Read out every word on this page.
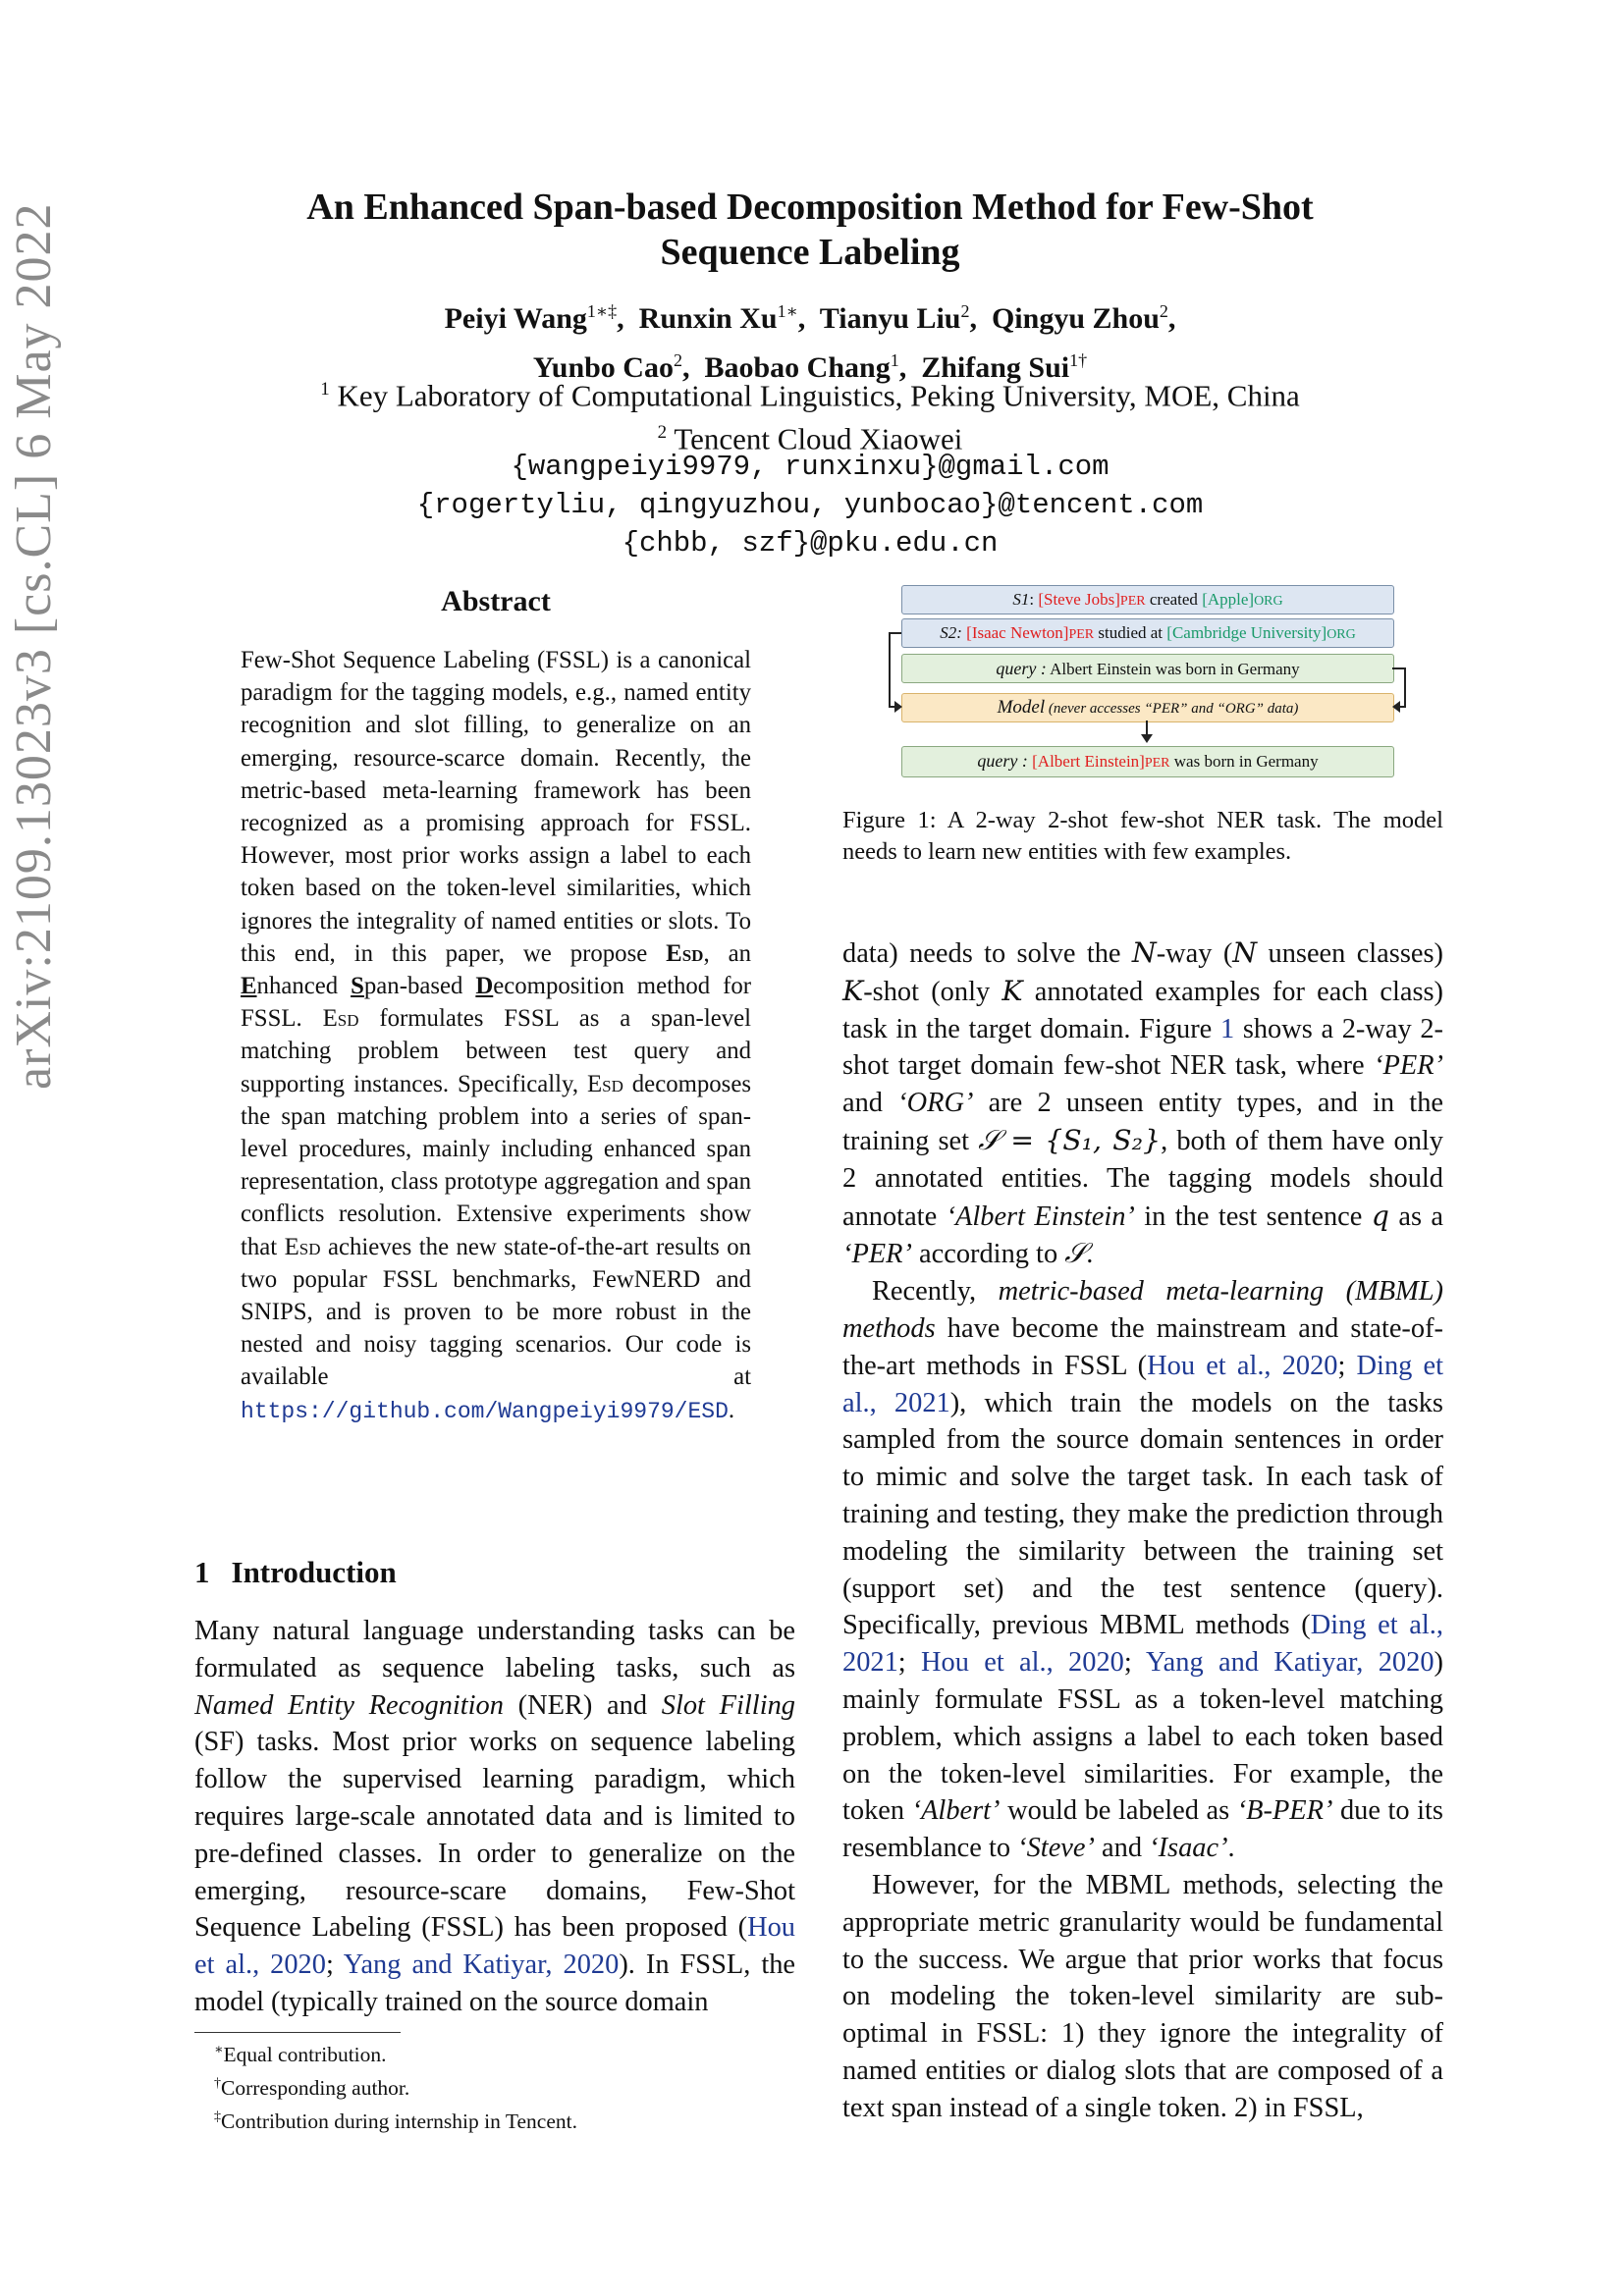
arXiv:2109.13023v3 [cs.CL] 6 May 2022	An Enhanced Span-based Decomposition Method for Few-Shot
Sequence Labeling
Peiyi Wang$^{1∗\ddagger}$,  Runxin $Xu^{1∗}$,  Tianyu Liu$^2$,  Qingyu Zhou$^2$,
Yunbo Cao$^2$,  Baobao Chang$^1$,  Zhifang Sui$^{1\dagger}$
$^1$ Key Laboratory of Computational Linguistics, Peking University, MOE, China
$^2$ Tencent Cloud Xiaowei
{wangpeiyi9979, runxinxu}@gmail.com
{rogertyliu, qingyuzhou, yunbocao}@tencent.com
{chbb, szf}@pku.edu.cn
Abstract
Few-Shot Sequence Labeling (FSSL) is a canonical paradigm for the tagging models, e.g., named entity recognition and slot filling, to generalize on an emerging, resource-scarce domain. Recently, the metric-based meta-learning framework has been recognized as a promising approach for FSSL. However, most prior works assign a label to each token based on the token-level similarities, which ignores the integrality of named entities or slots. To this end, in this paper, we propose Esd, an Enhanced Span-based Decomposition method for FSSL. Esd formulates FSSL as a span-level matching problem between test query and supporting instances. Specifically, Esd decomposes the span matching problem into a series of span-level procedures, mainly including enhanced span representation, class prototype aggregation and span conflicts resolution. Extensive experiments show that Esd achieves the new state-of-the-art results on two popular FSSL benchmarks, FewNERD and SNIPS, and is proven to be more robust in the nested and noisy tagging scenarios. Our code is available at https://github.com/Wangpeiyi9979/ESD.
1 Introduction
Many natural language understanding tasks can be formulated as sequence labeling tasks, such as Named Entity Recognition (NER) and Slot Filling (SF) tasks. Most prior works on sequence labeling follow the supervised learning paradigm, which requires large-scale annotated data and is limited to pre-defined classes. In order to generalize on the emerging, resource-scare domains, Few-Shot Sequence Labeling (FSSL) has been proposed (Hou et al., 2020; Yang and Katiyar, 2020). In FSSL, the model (typically trained on the source domain
∗Equal contribution.
†Corresponding author.
‡Contribution during internship in Tencent.
S1: [Steve Jobs]PER created [Apple]ORG
S2: [Isaac Newton]PER studied at [Cambridge University]ORG
query : Albert Einstein was born in Germany
Model (never accesses “PER” and “ORG” data)
query : [Albert Einstein]PER was born in Germany
Figure 1: A 2-way 2-shot few-shot NER task. The model needs to learn new entities with few examples.

data) needs to solve the N-way (N unseen classes) K-shot (only K annotated examples for each class) task in the target domain. Figure 1 shows a 2-way 2-shot target domain few-shot NER task, where ‘PER’ and ‘ORG’ are 2 unseen entity types, and in the training set 𝒮 = {S₁, S₂}, both of them have only 2 annotated entities. The tagging models should annotate ‘Albert Einstein’ in the test sentence q as a ‘PER’ according to 𝒮.

Recently, metric-based meta-learning (MBML) methods have become the mainstream and state-of-the-art methods in FSSL (Hou et al., 2020; Ding et al., 2021), which train the models on the tasks sampled from the source domain sentences in order to mimic and solve the target task. In each task of training and testing, they make the prediction through modeling the similarity between the training set (support set) and the test sentence (query). Specifically, previous MBML methods (Ding et al., 2021; Hou et al., 2020; Yang and Katiyar, 2020) mainly formulate FSSL as a token-level matching problem, which assigns a label to each token based on the token-level similarities. For example, the token ‘Albert’ would be labeled as ‘B-PER’ due to its resemblance to ‘Steve’ and ‘Isaac’.

However, for the MBML methods, selecting the appropriate metric granularity would be fundamental to the success. We argue that prior works that focus on modeling the token-level similarity are sub-optimal in FSSL: 1) they ignore the integrality of named entities or dialog slots that are composed of a text span instead of a single token. 2) in FSSL,
